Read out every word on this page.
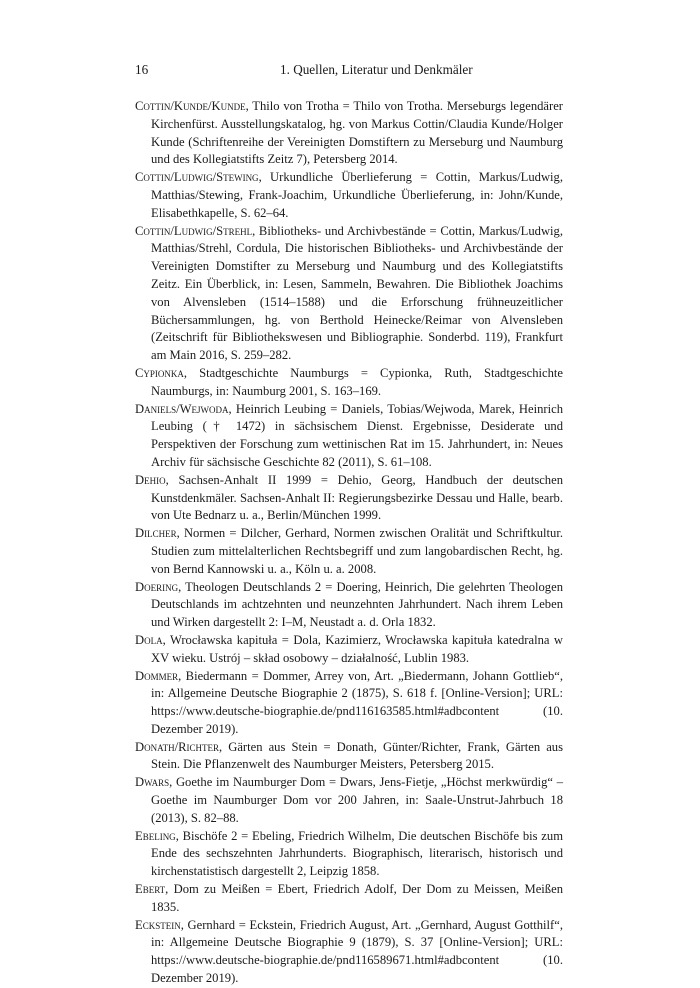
16	1. Quellen, Literatur und Denkmäler
Cottin/Kunde/Kunde, Thilo von Trotha = Thilo von Trotha. Merseburgs legendärer Kirchenfürst. Ausstellungskatalog, hg. von Markus Cottin/Claudia Kunde/Holger Kunde (Schriftenreihe der Vereinigten Domstiftern zu Merseburg und Naumburg und des Kollegiatstifts Zeitz 7), Petersberg 2014.
Cottin/Ludwig/Stewing, Urkundliche Überlieferung = Cottin, Markus/Ludwig, Matthias/Stewing, Frank-Joachim, Urkundliche Überlieferung, in: John/Kunde, Elisabethkapelle, S. 62–64.
Cottin/Ludwig/Strehl, Bibliotheks- und Archivbestände = Cottin, Markus/Ludwig, Matthias/Strehl, Cordula, Die historischen Bibliotheks- und Archivbestände der Vereinigten Domstifter zu Merseburg und Naumburg und des Kollegiatstifts Zeitz. Ein Überblick, in: Lesen, Sammeln, Bewahren. Die Bibliothek Joachims von Alvensleben (1514–1588) und die Erforschung frühneuzeitlicher Büchersammlungen, hg. von Berthold Heinecke/Reimar von Alvensleben (Zeitschrift für Bibliothekswesen und Bibliographie. Sonderbd. 119), Frankfurt am Main 2016, S. 259–282.
Cypionka, Stadtgeschichte Naumburgs = Cypionka, Ruth, Stadtgeschichte Naumburgs, in: Naumburg 2001, S. 163–169.
Daniels/Wejwoda, Heinrich Leubing = Daniels, Tobias/Wejwoda, Marek, Heinrich Leubing († 1472) in sächsischem Dienst. Ergebnisse, Desiderate und Perspektiven der Forschung zum wettinischen Rat im 15. Jahrhundert, in: Neues Archiv für sächsische Geschichte 82 (2011), S. 61–108.
Dehio, Sachsen-Anhalt II 1999 = Dehio, Georg, Handbuch der deutschen Kunstdenkmäler. Sachsen-Anhalt II: Regierungsbezirke Dessau und Halle, bearb. von Ute Bednarz u. a., Berlin/München 1999.
Dilcher, Normen = Dilcher, Gerhard, Normen zwischen Oralität und Schriftkultur. Studien zum mittelalterlichen Rechtsbegriff und zum langobardischen Recht, hg. von Bernd Kannowski u. a., Köln u. a. 2008.
Doering, Theologen Deutschlands 2 = Doering, Heinrich, Die gelehrten Theologen Deutschlands im achtzehnten und neunzehnten Jahrhundert. Nach ihrem Leben und Wirken dargestellt 2: I–M, Neustadt a. d. Orla 1832.
Dola, Wrocławska kapituła = Dola, Kazimierz, Wrocławska kapituła katedralna w XV wieku. Ustrój – skład osobowy – działalność, Lublin 1983.
Dommer, Biedermann = Dommer, Arrey von, Art. „Biedermann, Johann Gottlieb“, in: Allgemeine Deutsche Biographie 2 (1875), S. 618 f. [Online-Version]; URL: https://www.deutsche-biographie.de/pnd116163585.html#adbcontent (10. Dezember 2019).
Donath/Richter, Gärten aus Stein = Donath, Günter/Richter, Frank, Gärten aus Stein. Die Pflanzenwelt des Naumburger Meisters, Petersberg 2015.
Dwars, Goethe im Naumburger Dom = Dwars, Jens-Fietje, „Höchst merkwürdig“ – Goethe im Naumburger Dom vor 200 Jahren, in: Saale-Unstrut-Jahrbuch 18 (2013), S. 82–88.
Ebeling, Bischöfe 2 = Ebeling, Friedrich Wilhelm, Die deutschen Bischöfe bis zum Ende des sechszehnten Jahrhunderts. Biographisch, literarisch, historisch und kirchenstatistisch dargestellt 2, Leipzig 1858.
Ebert, Dom zu Meißen = Ebert, Friedrich Adolf, Der Dom zu Meissen, Meißen 1835.
Eckstein, Gernhard = Eckstein, Friedrich August, Art. „Gernhard, August Gotthilf“, in: Allgemeine Deutsche Biographie 9 (1879), S. 37 [Online-Version]; URL: https://www.deutsche-biographie.de/pnd116589671.html#adbcontent (10. Dezember 2019).
